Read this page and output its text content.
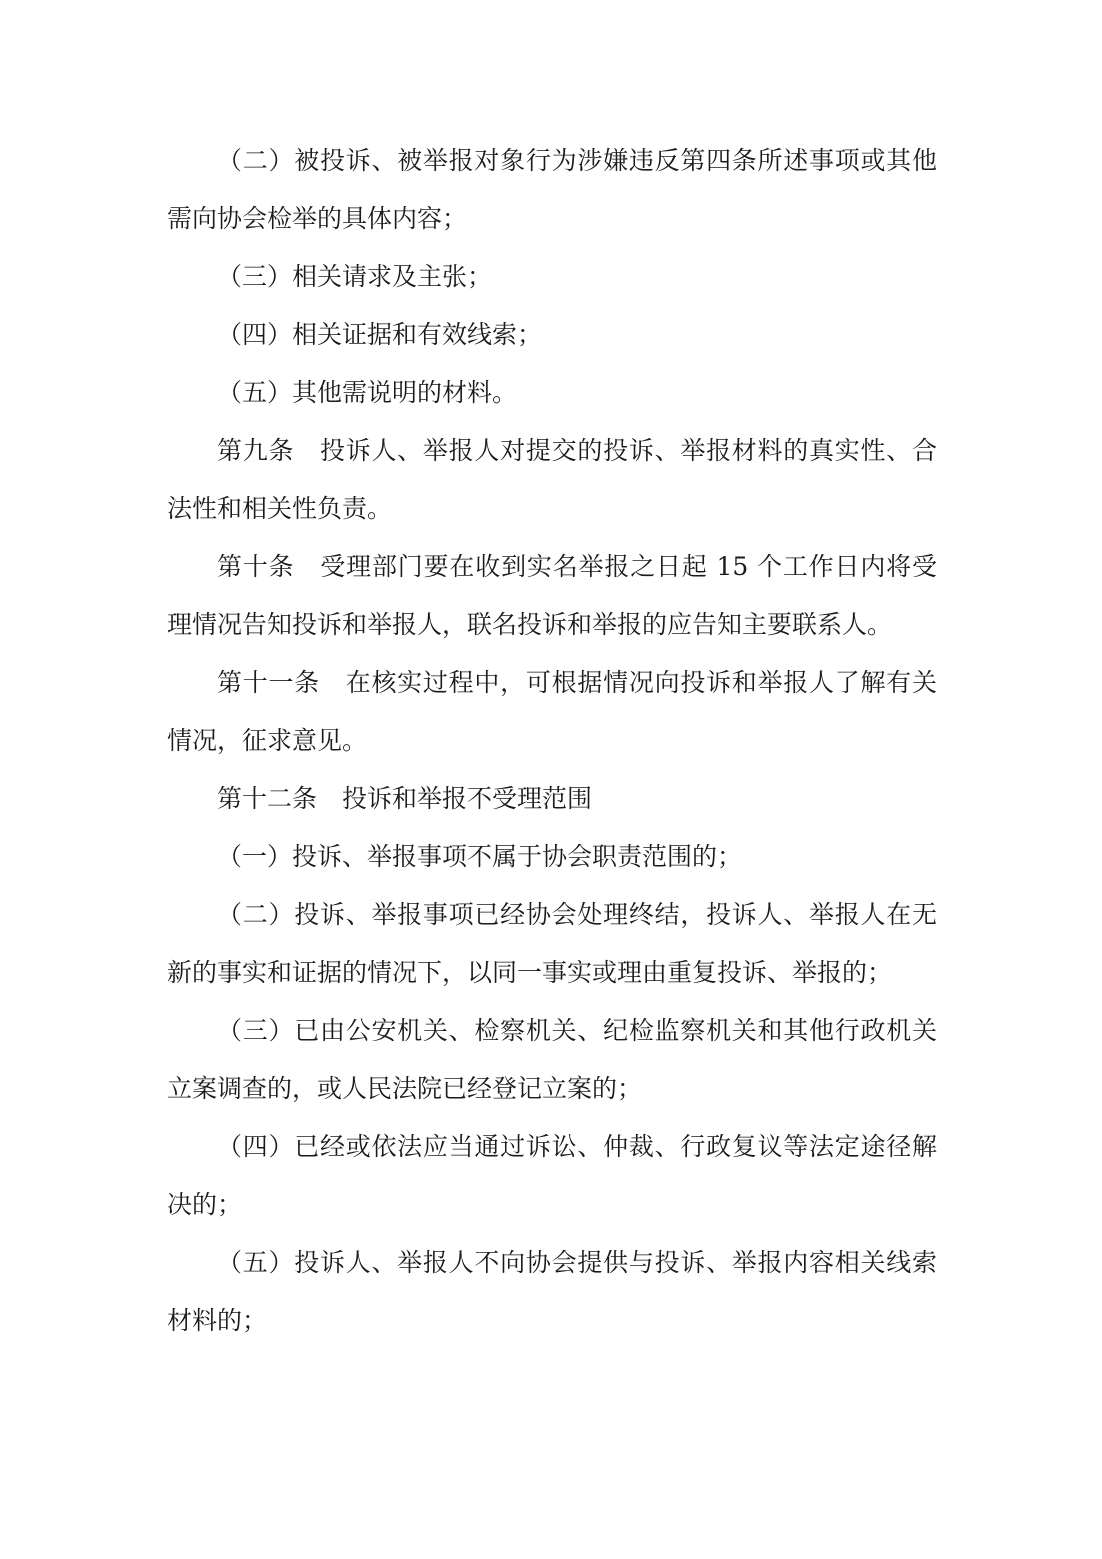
（二）被投诉、被举报对象行为涉嫌违反第四条所述事项或其他需向协会检举的具体内容；

（三）相关请求及主张；

（四）相关证据和有效线索；

（五）其他需说明的材料。

第九条　投诉人、举报人对提交的投诉、举报材料的真实性、合法性和相关性负责。

第十条　受理部门要在收到实名举报之日起 15 个工作日内将受理情况告知投诉和举报人，联名投诉和举报的应告知主要联系人。

第十一条　在核实过程中，可根据情况向投诉和举报人了解有关情况，征求意见。

第十二条　投诉和举报不受理范围

（一）投诉、举报事项不属于协会职责范围的；

（二）投诉、举报事项已经协会处理终结，投诉人、举报人在无新的事实和证据的情况下，以同一事实或理由重复投诉、举报的；

（三）已由公安机关、检察机关、纪检监察机关和其他行政机关立案调查的，或人民法院已经登记立案的；

（四）已经或依法应当通过诉讼、仲裁、行政复议等法定途径解决的；

（五）投诉人、举报人不向协会提供与投诉、举报内容相关线索材料的；
